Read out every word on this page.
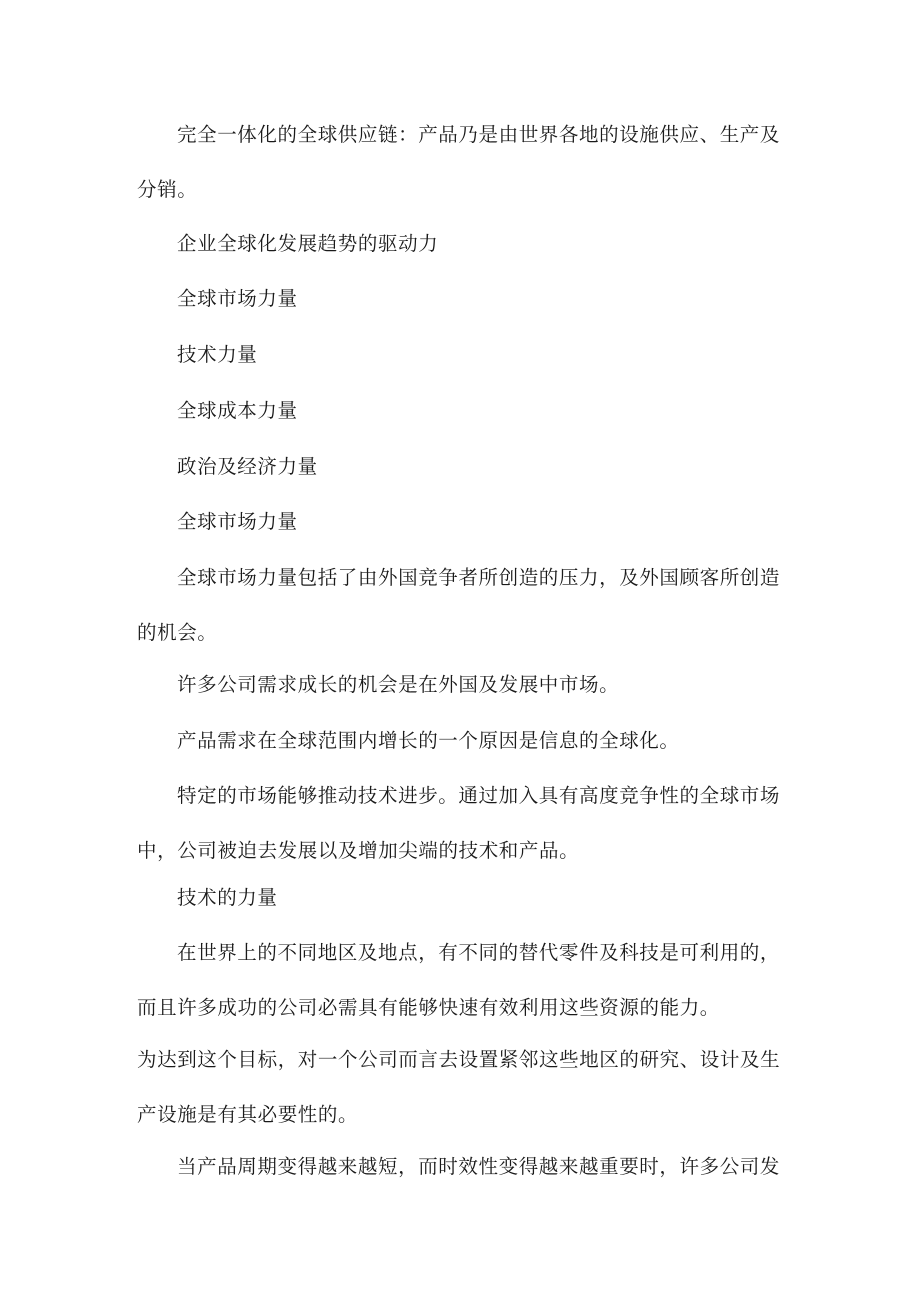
完全一体化的全球供应链：产品乃是由世界各地的设施供应、生产及分销。

企业全球化发展趋势的驱动力

全球市场力量

技术力量

全球成本力量

政治及经济力量

全球市场力量

全球市场力量包括了由外国竞争者所创造的压力，及外国顾客所创造的机会。

许多公司需求成长的机会是在外国及发展中市场。

产品需求在全球范围内增长的一个原因是信息的全球化。

特定的市场能够推动技术进步。通过加入具有高度竞争性的全球市场中，公司被迫去发展以及增加尖端的技术和产品。

技术的力量

在世界上的不同地区及地点，有不同的替代零件及科技是可利用的，而且许多成功的公司必需具有能够快速有效利用这些资源的能力。

为达到这个目标，对一个公司而言去设置紧邻这些地区的研究、设计及生产设施是有其必要性的。

当产品周期变得越来越短，而时效性变得越来越重要时，许多公司发
